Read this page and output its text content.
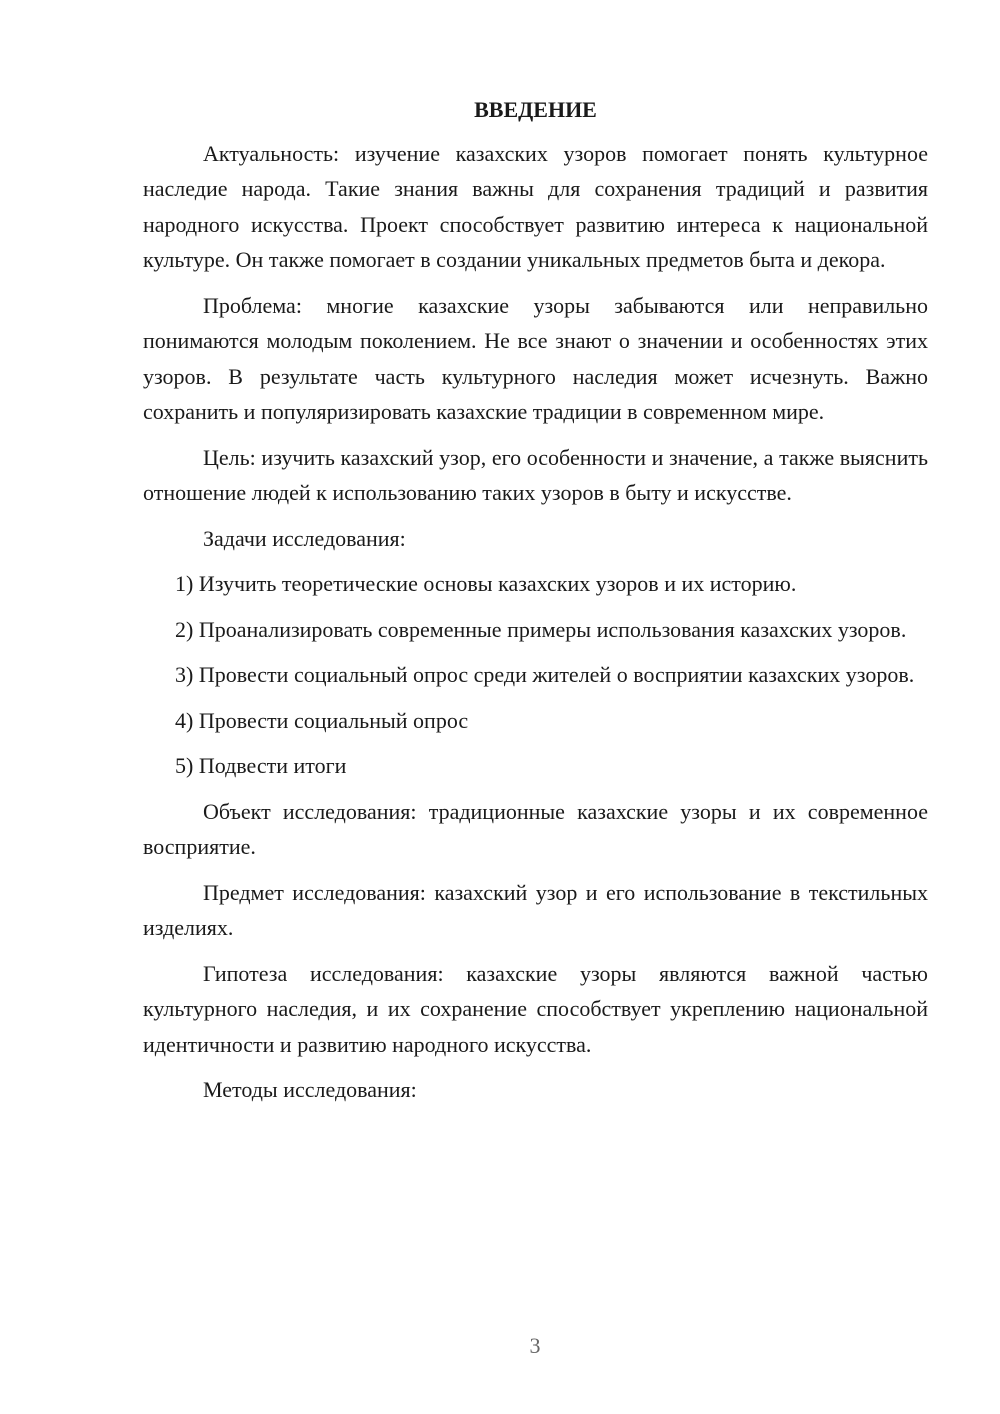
ВВЕДЕНИЕ

Актуальность: изучение казахских узоров помогает понять культурное наследие народа. Такие знания важны для сохранения традиций и развития народного искусства. Проект способствует развитию интереса к национальной культуре. Он также помогает в создании уникальных предметов быта и декора.

Проблема: многие казахские узоры забываются или неправильно понимаются молодым поколением. Не все знают о значении и особенностях этих узоров. В результате часть культурного наследия может исчезнуть. Важно сохранить и популяризировать казахские традиции в современном мире.

Цель: изучить казахский узор, его особенности и значение, а также выяснить отношение людей к использованию таких узоров в быту и искусстве.

Задачи исследования:

1) Изучить теоретические основы казахских узоров и их историю.

2) Проанализировать современные примеры использования казахских узоров.

3) Провести социальный опрос среди жителей о восприятии казахских узоров.

4) Провести социальный опрос

5) Подвести итоги

Объект исследования: традиционные казахские узоры и их современное восприятие.

Предмет исследования: казахский узор и его использование в текстильных изделиях.

Гипотеза исследования: казахские узоры являются важной частью культурного наследия, и их сохранение способствует укреплению национальной идентичности и развитию народного искусства.

Методы исследования:

3
